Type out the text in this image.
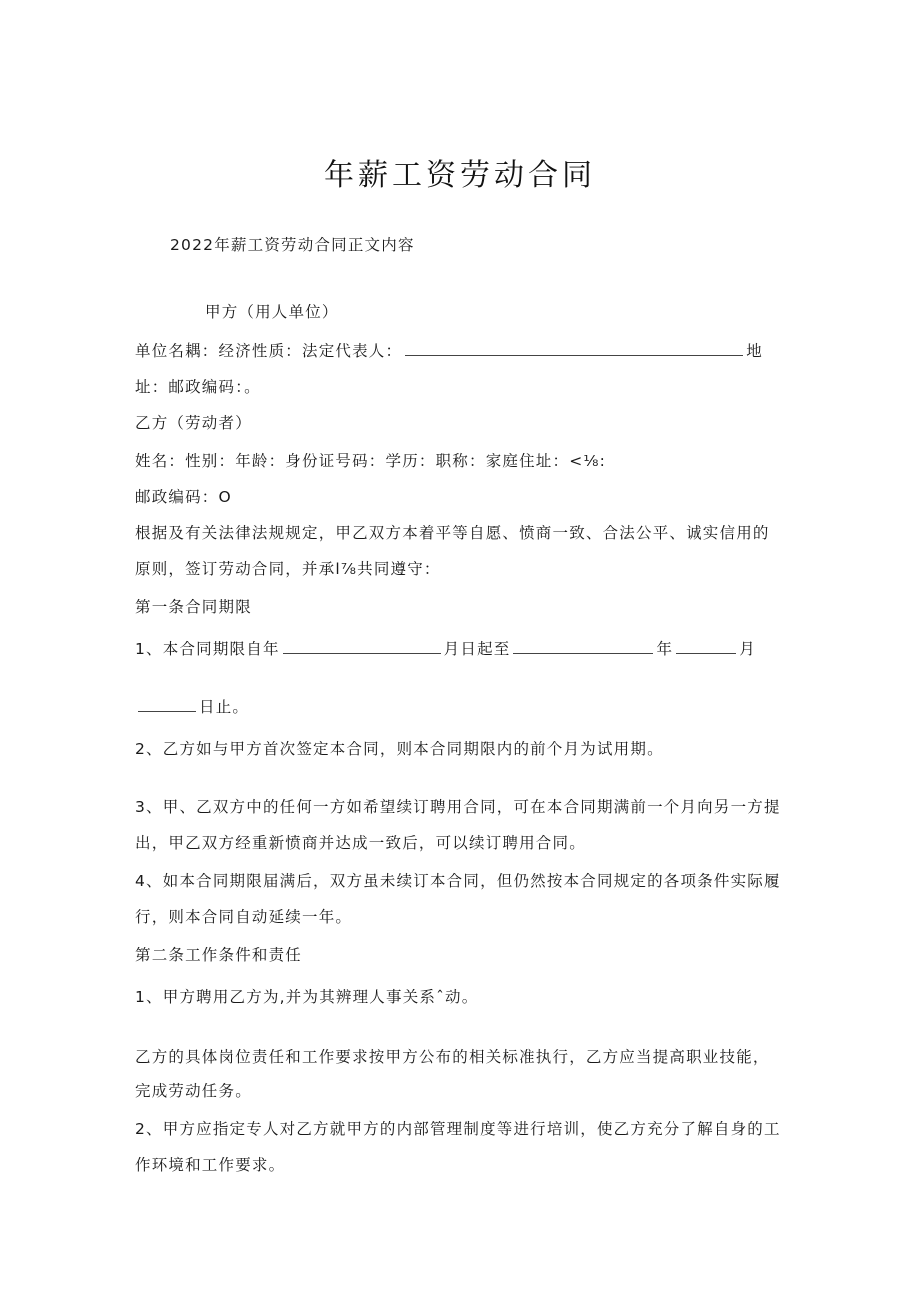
年薪工资劳动合同
2022年薪工资劳动合同正文内容
甲方（用人单位）
单位名耦：经济性质：法定代表人：	地
址：邮政编码：。
乙方（劳动者）
姓名：性别：年龄：身份证号码：学历：职称：家庭住址：<⅛:
邮政编码：O
根据及有关法律法规规定，甲乙双方本着平等自愿、愤商一致、合法公平、诚实信用的
原则，签订劳动合同，并承l⅞共同遵守：
第一条合同期限
1、本合同期限自年	月日起至	年	月
日止。
2、乙方如与甲方首次签定本合同，则本合同期限内的前个月为试用期。
3、甲、乙双方中的任何一方如希望续订聘用合同，可在本合同期满前一个月向另一方提
出，甲乙双方经重新愤商并达成一致后，可以续订聘用合同。
4、如本合同期限届满后，双方虽未续订本合同，但仍然按本合同规定的各项条件实际履
行，则本合同自动延续一年。
第二条工作条件和责任
1、甲方聘用乙方为,并为其辨理人事关系ˆ动。
乙方的具体岗位责任和工作要求按甲方公布的相关标准执行，乙方应当提高职业技能，
完成劳动任务。
2、甲方应指定专人对乙方就甲方的内部管理制度等进行培训，使乙方充分了解自身的工
作环境和工作要求。
